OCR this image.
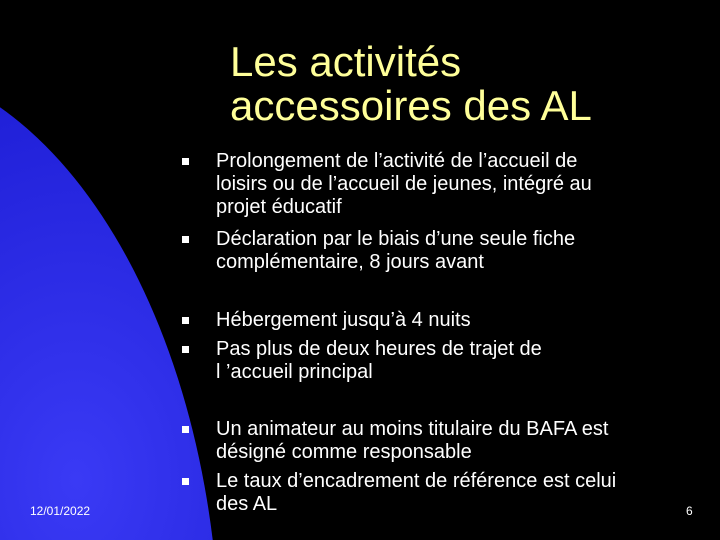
Les activités
accessoires des AL
Prolongement de l’activité de l’accueil de
loisirs ou de l’accueil de jeunes, intégré au
projet éducatif
Déclaration par le biais d’une seule fiche
complémentaire, 8 jours avant
Hébergement jusqu’à 4 nuits
Pas plus de deux heures de trajet de
l ’accueil principal
Un animateur au moins titulaire du BAFA est
désigné comme responsable
Le taux d’encadrement de référence est celui
des AL
12/01/2022	6
